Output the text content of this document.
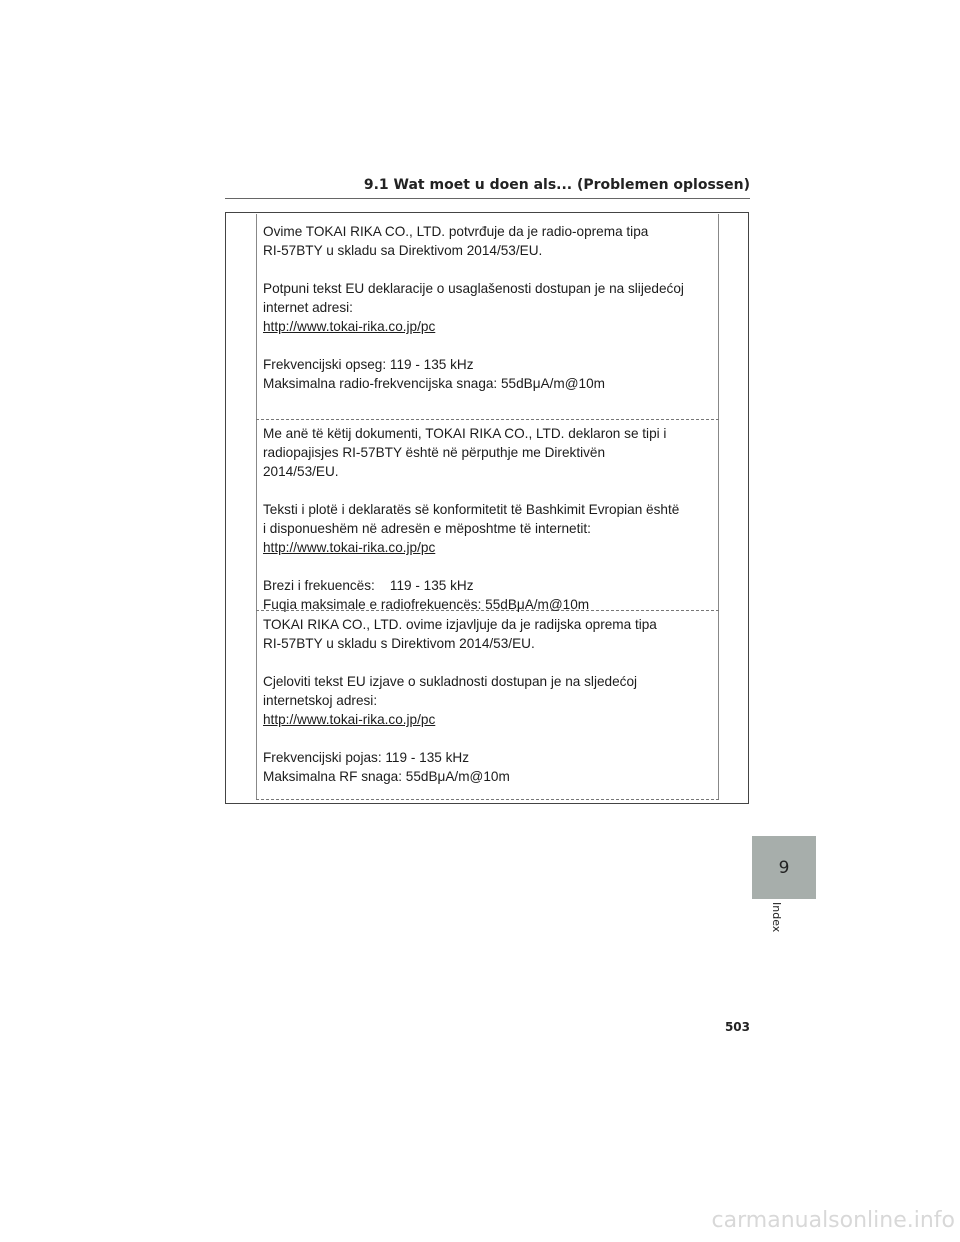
9.1 Wat moet u doen als... (Problemen oplossen)

Ovime TOKAI RIKA CO., LTD. potvrđuje da je radio-oprema tipa

RI-57BTY u skladu sa Direktivom 2014/53/EU.

Potpuni tekst EU deklaracije o usaglašenosti dostupan je na slijedećoj

internet adresi:

http://www.tokai-rika.co.jp/pc

Frekvencijski opseg: 119 - 135 kHz

Maksimalna radio-frekvencijska snaga: 55dBμA/m@10m

Me anë të këtij dokumenti, TOKAI RIKA CO., LTD. deklaron se tipi i

radiopajisjes RI-57BTY është në përputhje me Direktivën

2014/53/EU.

Teksti i plotë i deklaratës së konformitetit të Bashkimit Evropian është

i disponueshëm në adresën e mëposhtme të internetit:

http://www.tokai-rika.co.jp/pc

Brezi i frekuencës:    119 - 135 kHz

Fuqia maksimale e radiofrekuencës: 55dBμA/m@10m

TOKAI RIKA CO., LTD. ovime izjavljuje da je radijska oprema tipa

RI-57BTY u skladu s Direktivom 2014/53/EU.

Cjeloviti tekst EU izjave o sukladnosti dostupan je na sljedećoj

internetskoj adresi:

http://www.tokai-rika.co.jp/pc

Frekvencijski pojas: 119 - 135 kHz

Maksimalna RF snaga: 55dBμA/m@10m

9
Index
503
carmanualsonline.info
